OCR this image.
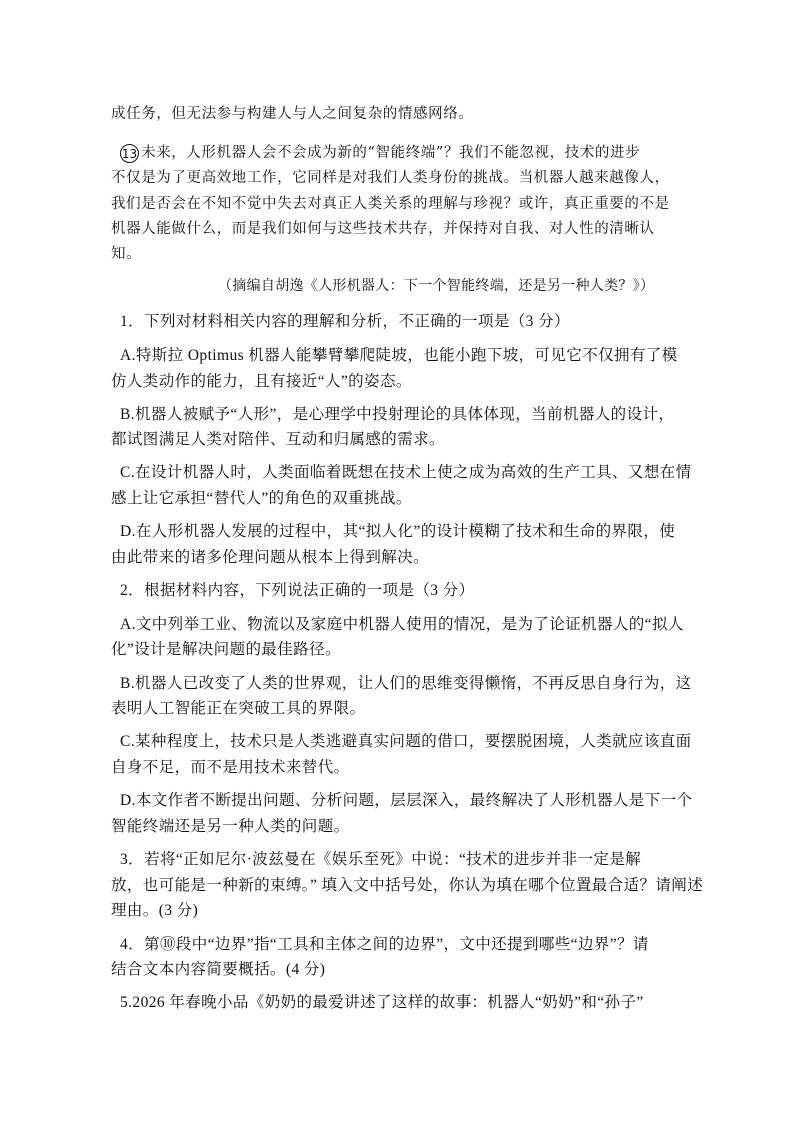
成任务，但无法参与构建人与人之间复杂的情感网络。
13 未来，人形机器人会不会成为新的“智能终端”？我们不能忽视，技术的进步
不仅是为了更高效地工作，它同样是对我们人类身份的挑战。当机器人越来越像人，
我们是否会在不知不觉中失去对真正人类关系的理解与珍视？或许，真正重要的不是
机器人能做什么，而是我们如何与这些技术共存，并保持对自我、对人性的清晰认
知。
（摘编自胡逸《人形机器人：下一个智能终端，还是另一种人类？》）
1．下列对材料相关内容的理解和分析，不正确的一项是（3 分）
A.特斯拉 Optimus 机器人能攀臂攀爬陡坡，也能小跑下坡，可见它不仅拥有了模
仿人类动作的能力，且有接近“人”的姿态。
B.机器人被赋予“人形”，是心理学中投射理论的具体体现，当前机器人的设计，
都试图满足人类对陪伴、互动和归属感的需求。
C.在设计机器人时，人类面临着既想在技术上使之成为高效的生产工具、又想在情
感上让它承担“替代人”的角色的双重挑战。
D.在人形机器人发展的过程中，其“拟人化”的设计模糊了技术和生命的界限，使
由此带来的诸多伦理问题从根本上得到解决。
2．根据材料内容，下列说法正确的一项是（3 分）
A.文中列举工业、物流以及家庭中机器人使用的情况，是为了论证机器人的“拟人
化”设计是解决问题的最佳路径。
B.机器人已改变了人类的世界观，让人们的思维变得懒惰，不再反思自身行为，这
表明人工智能正在突破工具的界限。
C.某种程度上，技术只是人类逃避真实问题的借口，要摆脱困境，人类就应该直面
自身不足，而不是用技术来替代。
D.本文作者不断提出问题、分析问题，层层深入，最终解决了人形机器人是下一个
智能终端还是另一种人类的问题。
3．若将“正如尼尔·波兹曼在《娱乐至死》中说：“技术的进步并非一定是解
放，也可能是一种新的束缚。” 填入文中括号处，你认为填在哪个位置最合适？请阐述
理由。(3 分)
4．第⑩段中“边界”指“工具和主体之间的边界”，文中还提到哪些“边界”？请
结合文本内容简要概括。(4 分)
5.2026 年春晚小品《奶奶的最爱讲述了这样的故事：机器人“奶奶”和“孙子”
